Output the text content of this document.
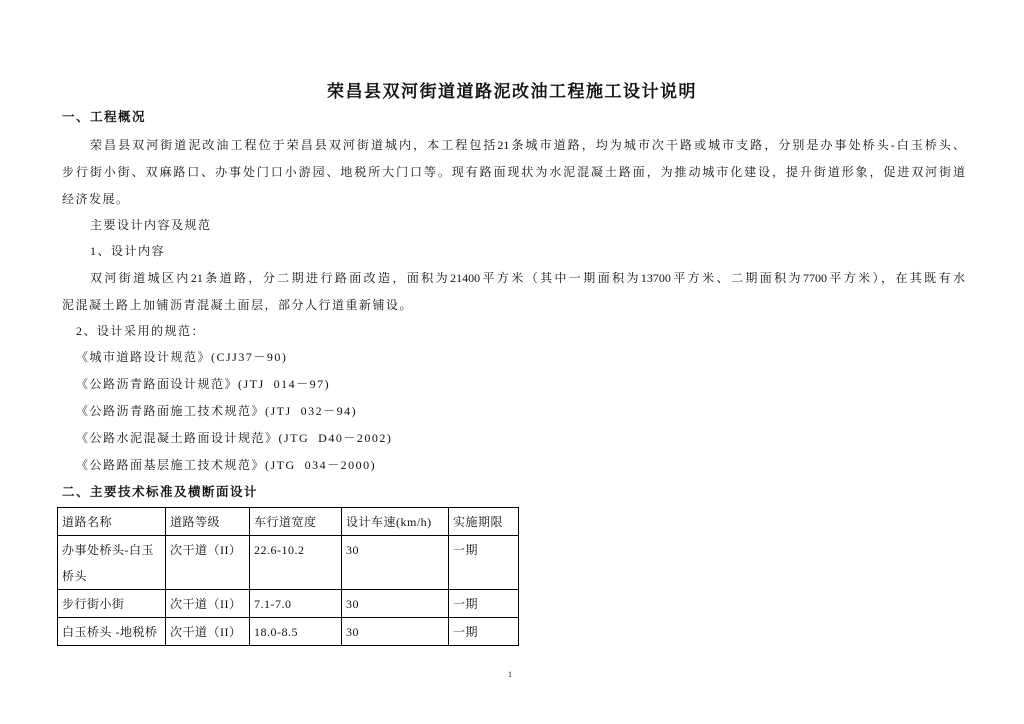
荣昌县双河街道道路泥改油工程施工设计说明
一、工程概况
荣昌县双河街道泥改油工程位于荣昌县双河街道城内，本工程包括21条城市道路，均为城市次干路或城市支路，分别是办事处桥头-白玉桥头、
步行街小街、双麻路口、办事处门口小游园、地税所大门口等。现有路面现状为水泥混凝土路面，为推动城市化建设，提升街道形象，促进双河街道
经济发展。
主要设计内容及规范
1、设计内容
双河街道城区内21条道路，分二期进行路面改造，面积为21400平方米（其中一期面积为13700平方米、二期面积为7700平方米），在其既有水
泥混凝土路上加铺沥青混凝土面层，部分人行道重新铺设。
2、设计采用的规范：
《城市道路设计规范》(CJJ37－90)
《公路沥青路面设计规范》(JTJ  014－97)
《公路沥青路面施工技术规范》(JTJ  032－94)
《公路水泥混凝土路面设计规范》(JTG  D40－2002)
《公路路面基层施工技术规范》(JTG  034－2000)
二、主要技术标准及横断面设计
道路名称	道路等级	车行道宽度	设计车速(km/h)	实施期限
办事处桥头-白玉桥头	次干道（II）	22.6-10.2	30	一期
步行街小街	次干道（II）	7.1-7.0	30	一期
白玉桥头 -地税桥	次干道（II）	18.0-8.5	30	一期
1
